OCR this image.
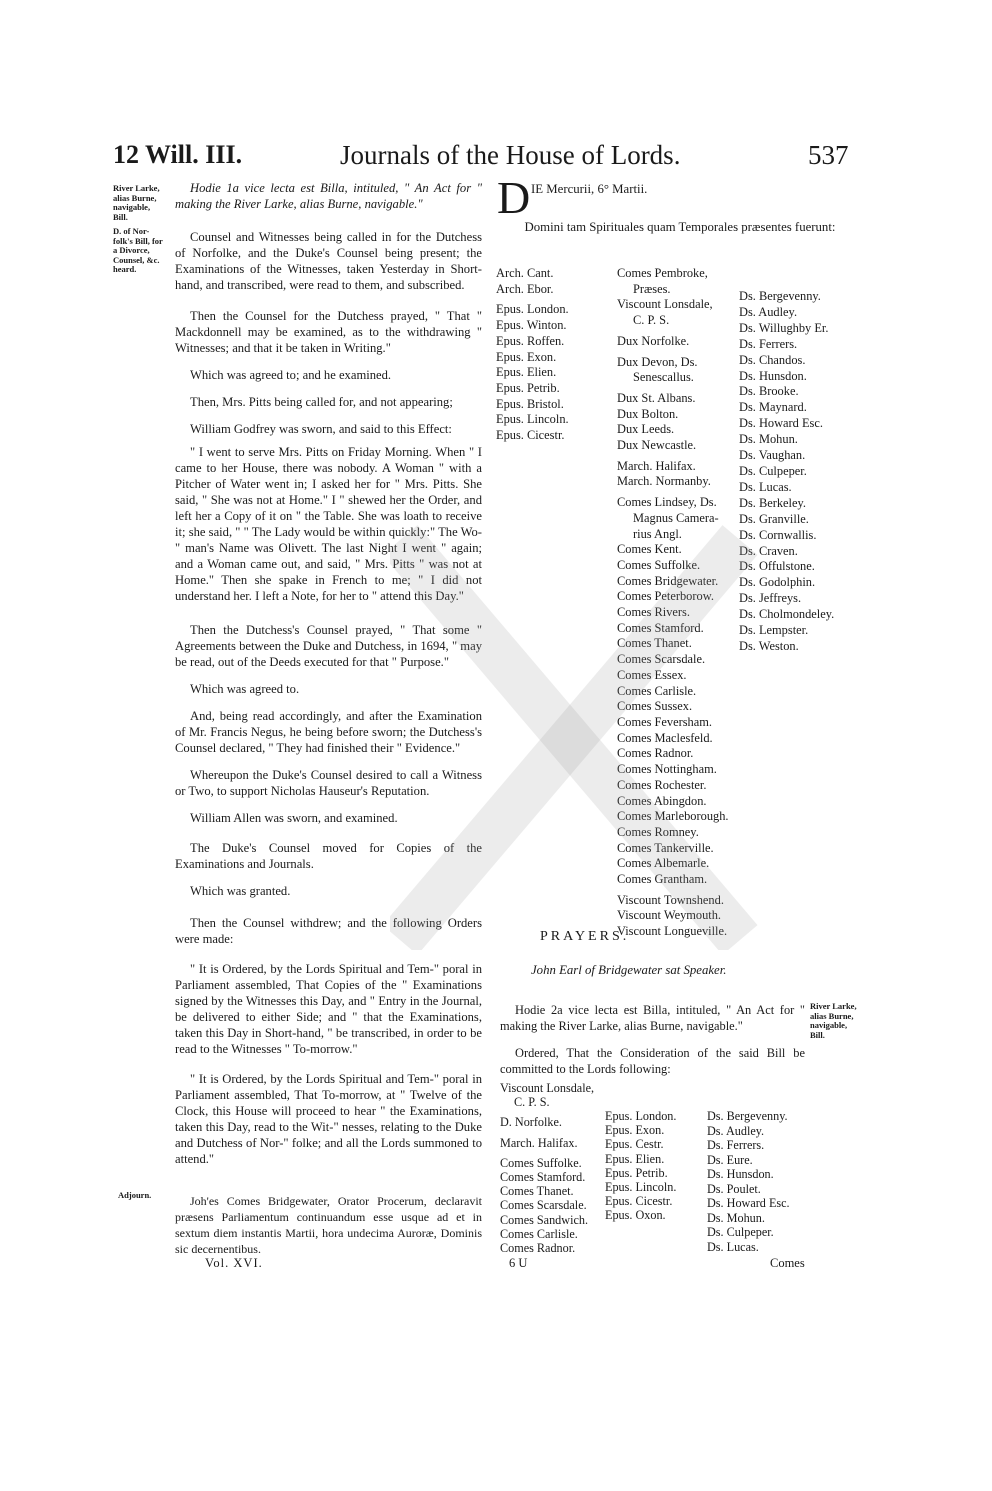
12 Will. III.	Journals of the House of Lords.	537
River Larke,
alias Burne,
navigable,
Bill.
D. of Nor-
folk's Bill, for
a Divorce,
Counsel, &c.
heard.
Adjourn.

Hodie 1a vice lecta est Billa, intituled, " An Act for " making the River Larke, alias Burne, navigable."

Counsel and Witnesses being called in for the Dutchess of Norfolke, and the Duke's Counsel being present; the Examinations of the Witnesses, taken Yesterday in Short-hand, and transcribed, were read to them, and subscribed.

Then the Counsel for the Dutchess prayed, " That " Mackdonnell may be examined, as to the withdrawing " Witnesses; and that it be taken in Writing."

Which was agreed to; and he examined.

Then, Mrs. Pitts being called for, and not appearing;

William Godfrey was sworn, and said to this Effect:

" I went to serve Mrs. Pitts on Friday Morning. When " I came to her House, there was nobody. A Woman " with a Pitcher of Water went in; I asked her for " Mrs. Pitts. She said, " She was not at Home." I " shewed her the Order, and left her a Copy of it on " the Table. She was loath to receive it; she said, " " The Lady would be within quickly:" The Wo-" man's Name was Olivett. The last Night I went " again; and a Woman came out, and said, " Mrs. Pitts " was not at Home." Then she spake in French to me; " I did not understand her. I left a Note, for her to " attend this Day."

Then the Dutchess's Counsel prayed, " That some " Agreements between the Duke and Dutchess, in 1694, " may be read, out of the Deeds executed for that " Purpose."

Which was agreed to.

And, being read accordingly, and after the Examination of Mr. Francis Negus, he being before sworn; the Dutchess's Counsel declared, " They had finished their " Evidence."

Whereupon the Duke's Counsel desired to call a Witness or Two, to support Nicholas Hauseur's Reputation.

William Allen was sworn, and examined.

The Duke's Counsel moved for Copies of the Examinations and Journals.

Which was granted.

Then the Counsel withdrew; and the following Orders were made:

" It is Ordered, by the Lords Spiritual and Tem-" poral in Parliament assembled, That Copies of the " Examinations signed by the Witnesses this Day, and " Entry in the Journal, be delivered to either Side; and " that the Examinations, taken this Day in Short-hand, " be transcribed, in order to be read to the Witnesses " To-morrow."

" It is Ordered, by the Lords Spiritual and Tem-" poral in Parliament assembled, That To-morrow, at " Twelve of the Clock, this House will proceed to hear " the Examinations, taken this Day, read to the Wit-" nesses, relating to the Duke and Dutchess of Nor-" folke; and all the Lords summoned to attend."

Joh'es Comes Bridgewater, Orator Procerum, declaravit præsens Parliamentum continuandum esse usque ad et in sextum diem instantis Martii, hora undecima Auroræ, Dominis sic decernentibus.

Vol. XVI.	6 U	Comes
D IE Mercurii, 6° Martii.
Domini tam Spirituales quam Temporales præsentes fuerunt:
Arch. Cant.
Arch. Ebor.
Epus. London.
Epus. Winton.
Epus. Roffen.
Epus. Exon.
Epus. Elien.
Epus. Petrib.
Epus. Bristol.
Epus. Lincoln.
Epus. Cicestr.
Comes Pembroke,
Præses.
Viscount Lonsdale,
C. P. S.
Dux Norfolke.
Dux Devon, Ds.
Senescallus.
Dux St. Albans.
Dux Bolton.
Dux Leeds.
Dux Newcastle.
March. Halifax.
March. Normanby.
Comes Lindsey, Ds.
Magnus Camera-
rius Angl.
Comes Kent.
Comes Suffolke.
Comes Bridgewater.
Comes Peterborow.
Comes Rivers.
Comes Stamford.
Comes Thanet.
Comes Scarsdale.
Comes Essex.
Comes Carlisle.
Comes Sussex.
Comes Feversham.
Comes Maclesfeld.
Comes Radnor.
Comes Nottingham.
Comes Rochester.
Comes Abingdon.
Comes Marleborough.
Comes Romney.
Comes Tankerville.
Comes Albemarle.
Comes Grantham.
Viscount Townshend.
Viscount Weymouth.
Viscount Longueville.
Ds. Bergevenny.
Ds. Audley.
Ds. Willughby Er.
Ds. Ferrers.
Ds. Chandos.
Ds. Hunsdon.
Ds. Brooke.
Ds. Maynard.
Ds. Howard Esc.
Ds. Mohun.
Ds. Vaughan.
Ds. Culpeper.
Ds. Lucas.
Ds. Berkeley.
Ds. Granville.
Ds. Cornwallis.
Ds. Craven.
Ds. Offulstone.
Ds. Godolphin.
Ds. Jeffreys.
Ds. Cholmondeley.
Ds. Lempster.
Ds. Weston.
PRAYERS.
John Earl of Bridgewater sat Speaker.

Hodie 2a vice lecta est Billa, intituled, " An Act for " making the River Larke, alias Burne, navigable."

Ordered, That the Consideration of the said Bill be committed to the Lords following:

River Larke,
alias Burne,
navigable,
Bill.
Viscount Lonsdale,
C. P. S.
D. Norfolke.
March. Halifax.
Comes Suffolke.
Comes Stamford.
Comes Thanet.
Comes Scarsdale.
Comes Sandwich.
Comes Carlisle.
Comes Radnor.
Epus. London.
Epus. Exon.
Epus. Cestr.
Epus. Elien.
Epus. Petrib.
Epus. Lincoln.
Epus. Cicestr.
Epus. Oxon.
Ds. Bergevenny.
Ds. Audley.
Ds. Ferrers.
Ds. Eure.
Ds. Hunsdon.
Ds. Poulet.
Ds. Howard Esc.
Ds. Mohun.
Ds. Culpeper.
Ds. Lucas.
